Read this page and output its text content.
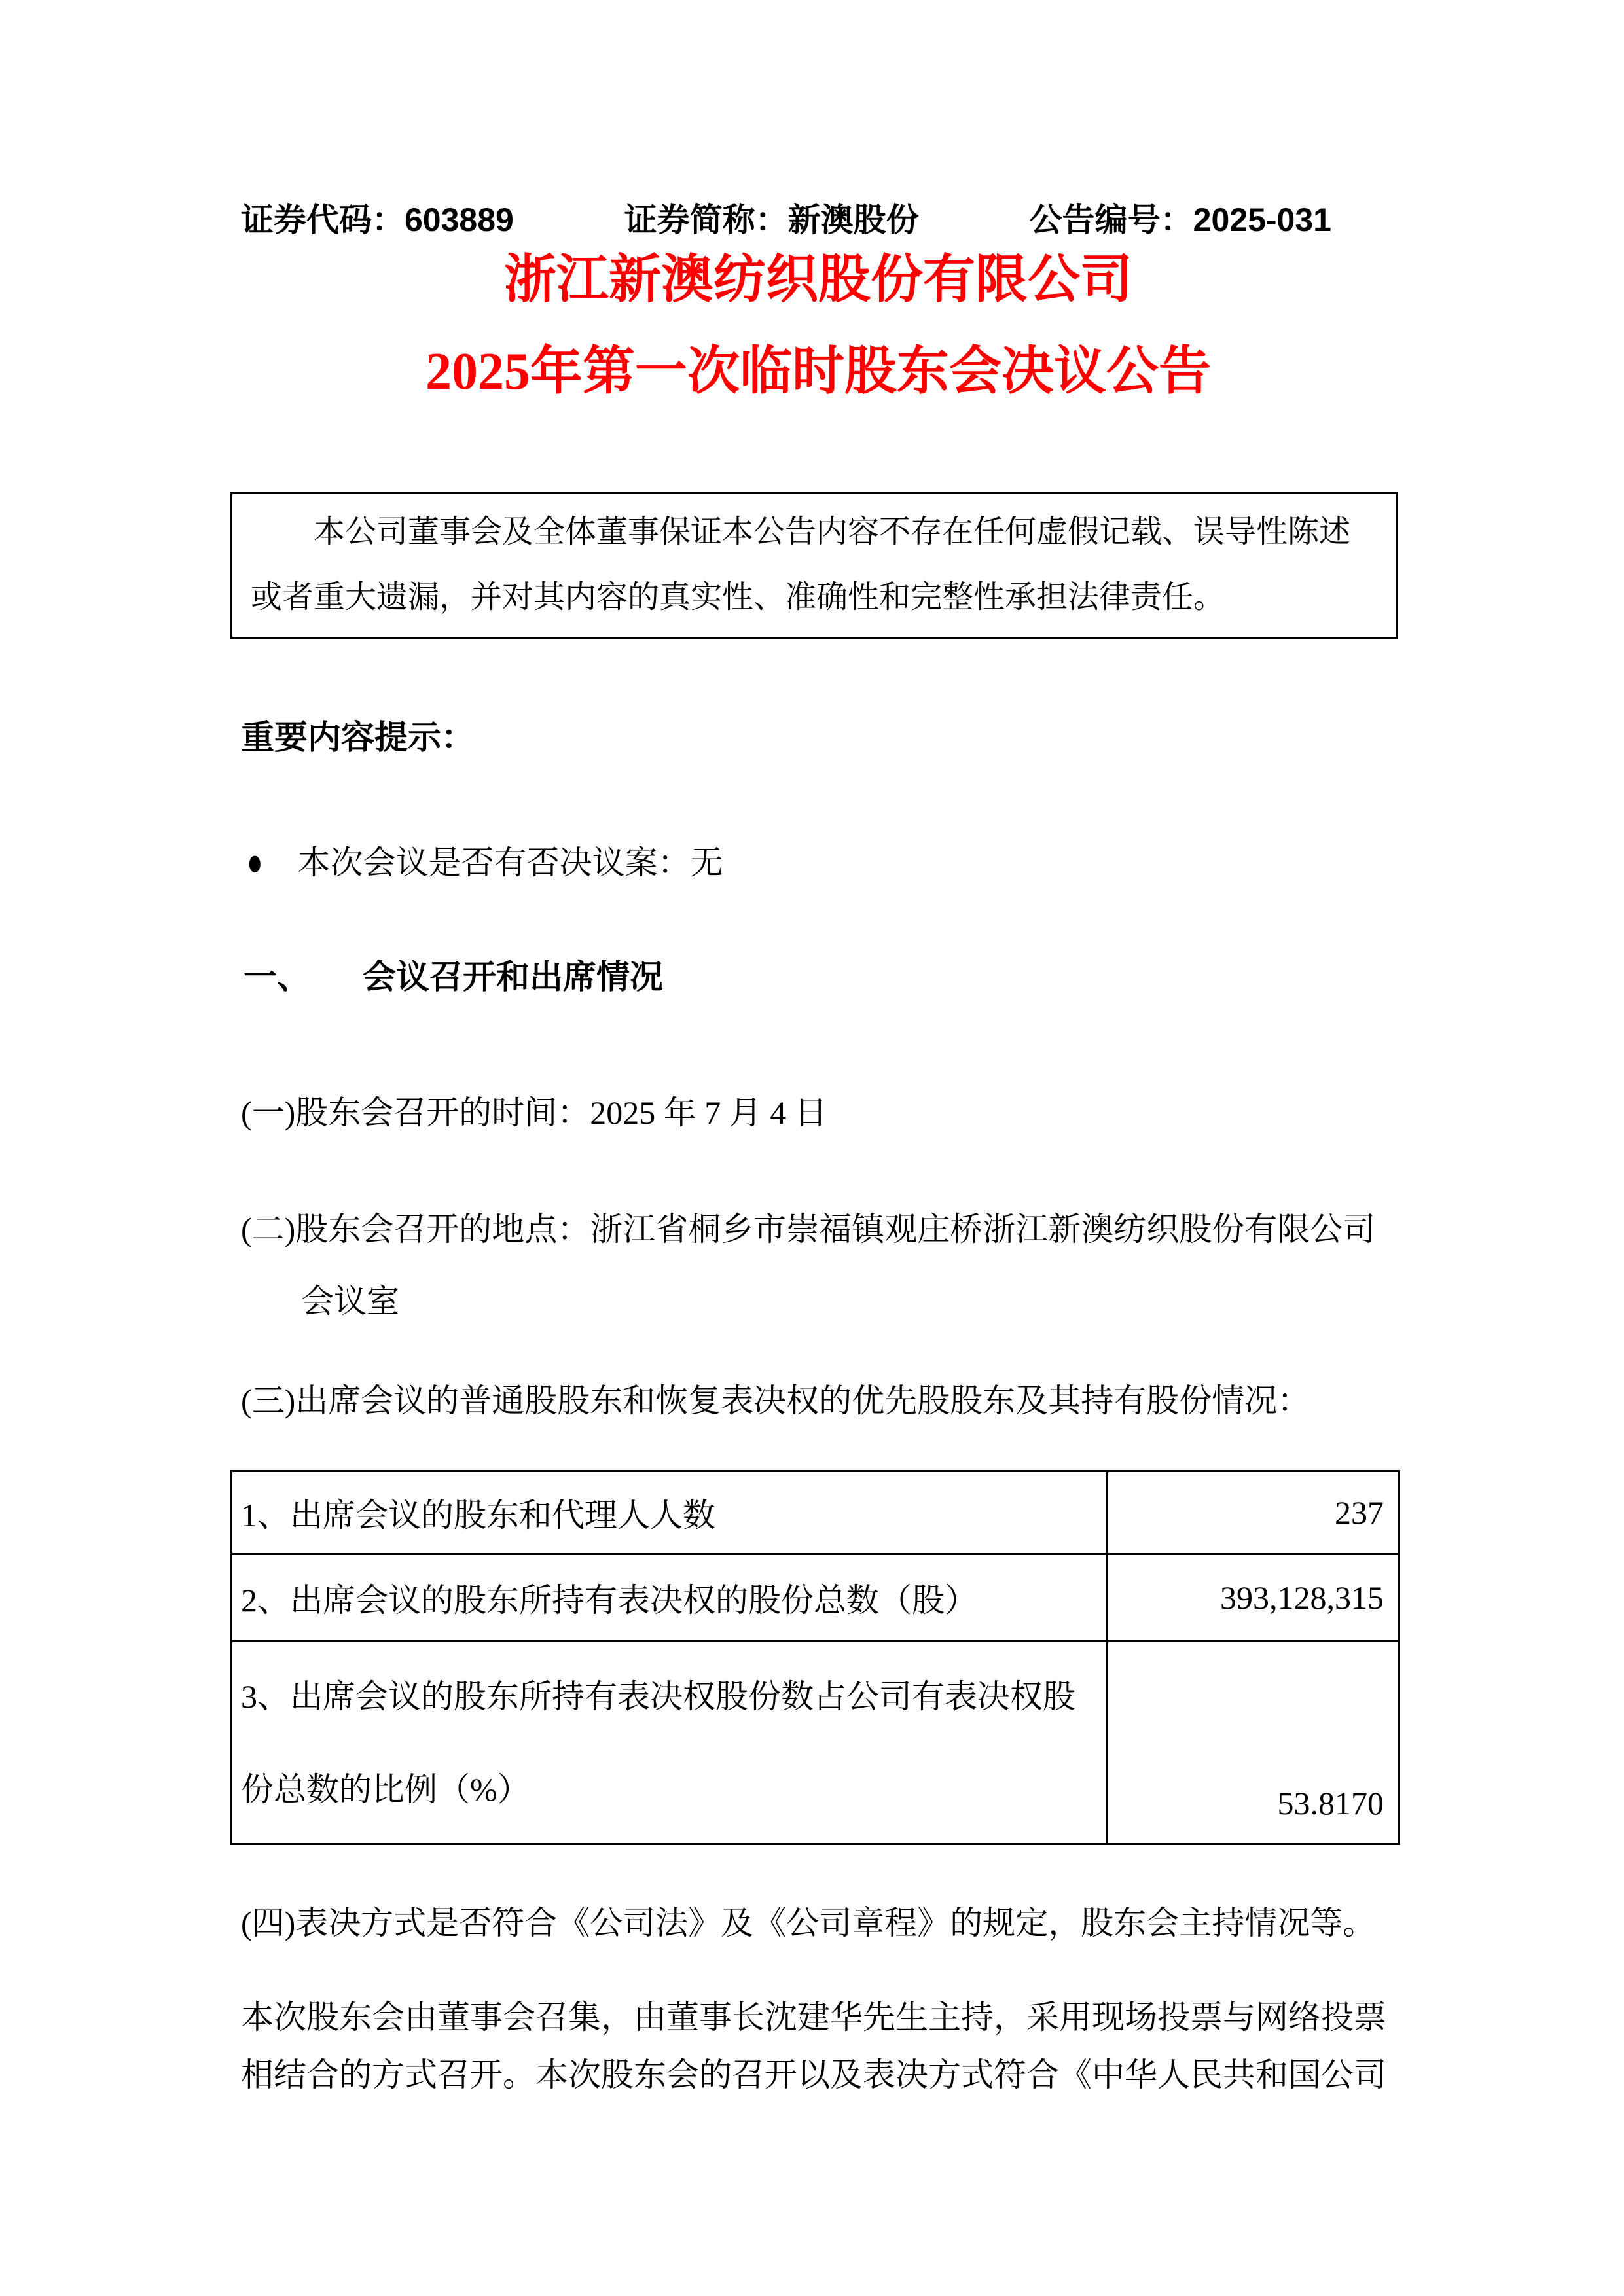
证券代码：603889	证券简称：新澳股份	公告编号：2025-031
浙江新澳纺织股份有限公司
2025年第一次临时股东会决议公告
本公司董事会及全体董事保证本公告内容不存在任何虚假记载、误导性陈述
或者重大遗漏，并对其内容的真实性、准确性和完整性承担法律责任。
重要内容提示：
● 本次会议是否有否决议案：无
一、 会议召开和出席情况
(一)股东会召开的时间：2025 年 7 月 4 日
(二)股东会召开的地点：浙江省桐乡市崇福镇观庄桥浙江新澳纺织股份有限公司
会议室
(三)出席会议的普通股股东和恢复表决权的优先股股东及其持有股份情况：
1、出席会议的股东和代理人人数	237
2、出席会议的股东所持有表决权的股份总数（股）	393,128,315

3、出席会议的股东所持有表决权股份数占公司有表决权股
份总数的比例（%）	53.8170
(四)表决方式是否符合《公司法》及《公司章程》的规定，股东会主持情况等。
本次股东会由董事会召集，由董事长沈建华先生主持，采用现场投票与网络投票
相结合的方式召开。本次股东会的召开以及表决方式符合《中华人民共和国公司
